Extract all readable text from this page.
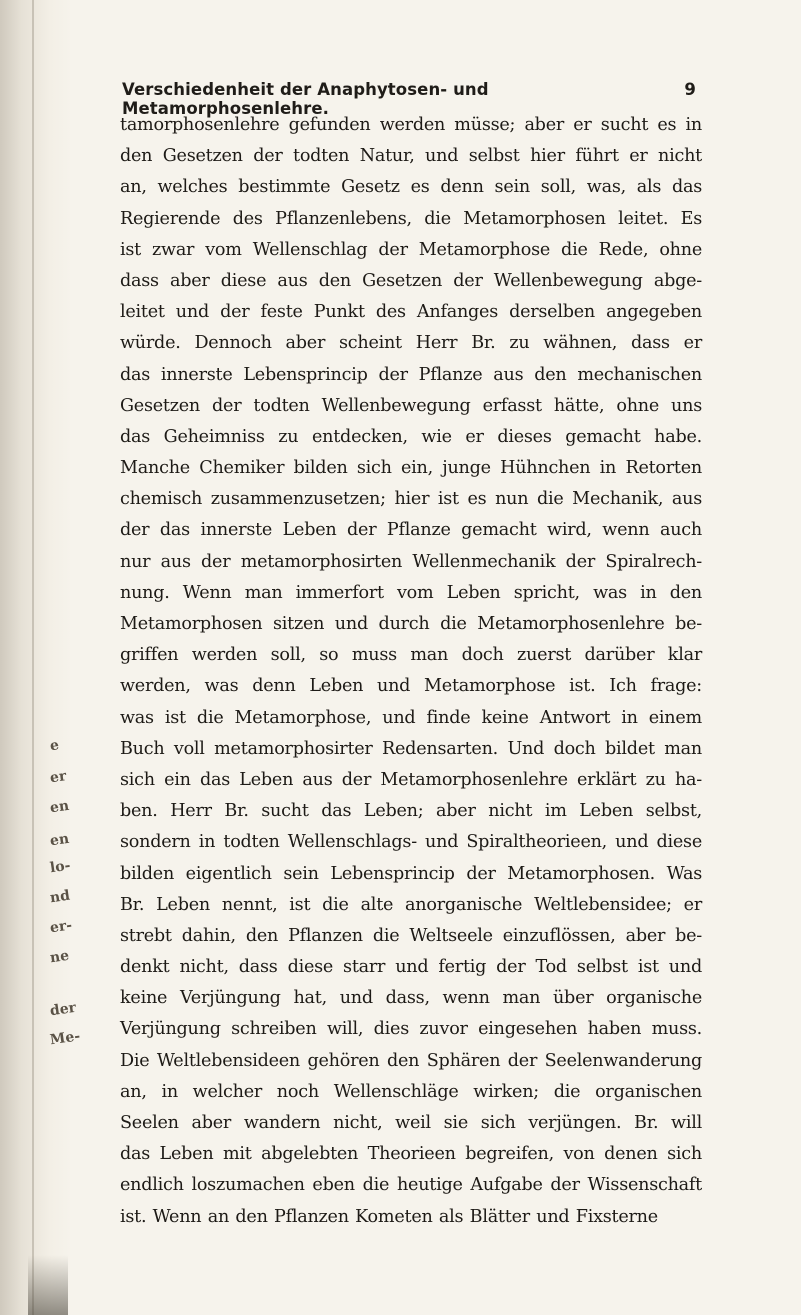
e
er
en
en
lo-
nd
er-
ne
der
Me-
Verschiedenheit der Anaphytosen- und Metamorphosenlehre.
9
tamorphosenlehre gefunden werden müsse; aber er sucht es in
den Gesetzen der todten Natur, und selbst hier führt er nicht
an, welches bestimmte Gesetz es denn sein soll, was, als das
Regierende des Pflanzenlebens, die Metamorphosen leitet. Es
ist zwar vom Wellenschlag der Metamorphose die Rede, ohne
dass aber diese aus den Gesetzen der Wellenbewegung abge-
leitet und der feste Punkt des Anfanges derselben angegeben
würde. Dennoch aber scheint Herr Br. zu wähnen, dass er
das innerste Lebensprincip der Pflanze aus den mechanischen
Gesetzen der todten Wellenbewegung erfasst hätte, ohne uns
das Geheimniss zu entdecken, wie er dieses gemacht habe.
Manche Chemiker bilden sich ein, junge Hühnchen in Retorten
chemisch zusammenzusetzen; hier ist es nun die Mechanik, aus
der das innerste Leben der Pflanze gemacht wird, wenn auch
nur aus der metamorphosirten Wellenmechanik der Spiralrech-
nung. Wenn man immerfort vom Leben spricht, was in den
Metamorphosen sitzen und durch die Metamorphosenlehre be-
griffen werden soll, so muss man doch zuerst darüber klar
werden, was denn Leben und Metamorphose ist. Ich frage:
was ist die Metamorphose, und finde keine Antwort in einem
Buch voll metamorphosirter Redensarten. Und doch bildet man
sich ein das Leben aus der Metamorphosenlehre erklärt zu ha-
ben. Herr Br. sucht das Leben; aber nicht im Leben selbst,
sondern in todten Wellenschlags- und Spiraltheorieen, und diese
bilden eigentlich sein Lebensprincip der Metamorphosen. Was
Br. Leben nennt, ist die alte anorganische Weltlebensidee; er
strebt dahin, den Pflanzen die Weltseele einzuflössen, aber be-
denkt nicht, dass diese starr und fertig der Tod selbst ist und
keine Verjüngung hat, und dass, wenn man über organische
Verjüngung schreiben will, dies zuvor eingesehen haben muss.
Die Weltlebensideen gehören den Sphären der Seelenwanderung
an, in welcher noch Wellenschläge wirken; die organischen
Seelen aber wandern nicht, weil sie sich verjüngen. Br. will
das Leben mit abgelebten Theorieen begreifen, von denen sich
endlich loszumachen eben die heutige Aufgabe der Wissenschaft
ist. Wenn an den Pflanzen Kometen als Blätter und Fixsterne
